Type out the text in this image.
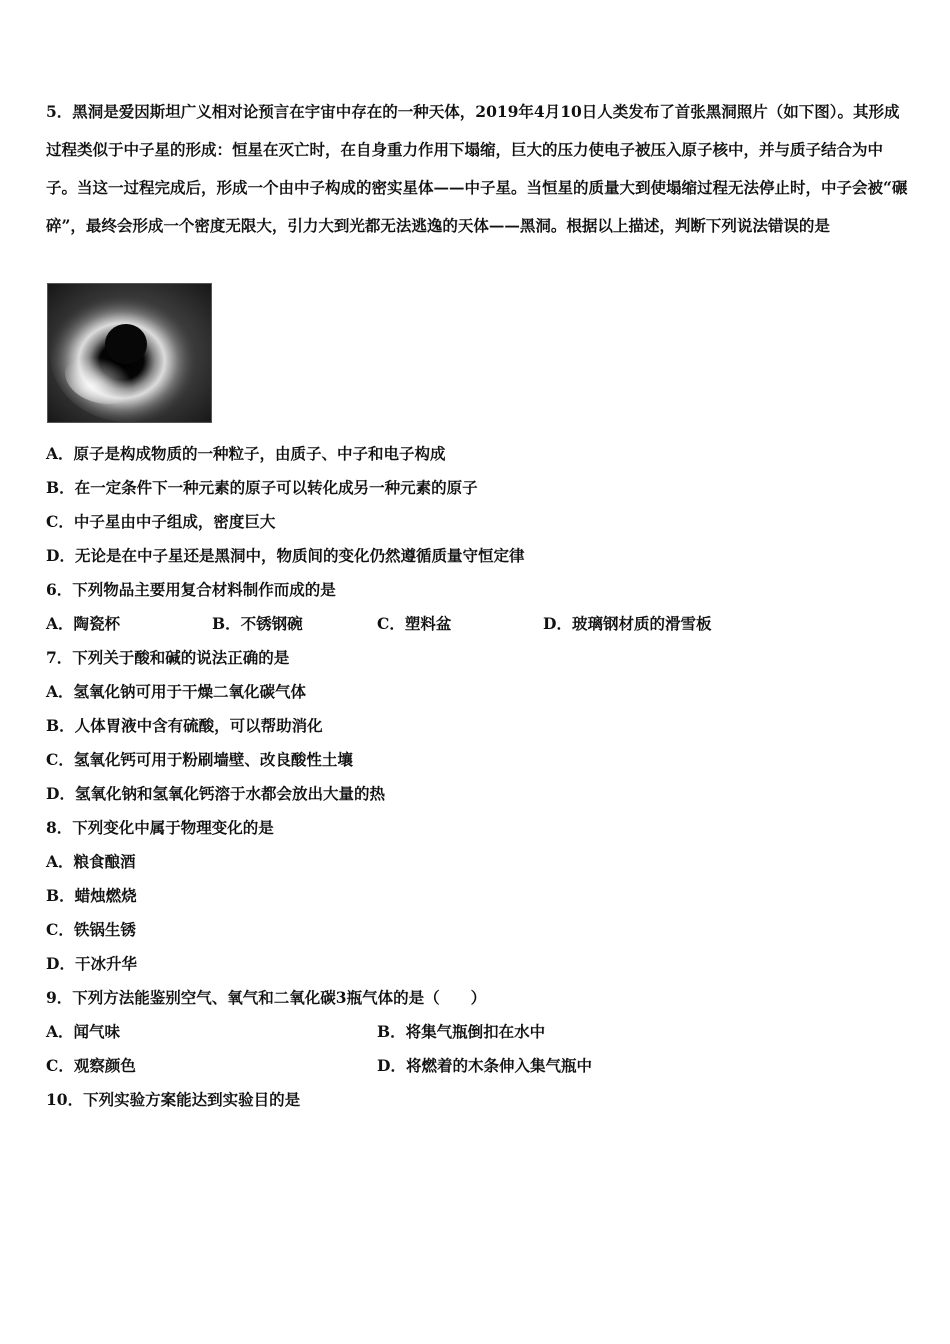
5．黑洞是爱因斯坦广义相对论预言在宇宙中存在的一种天体，2019年4月10日人类发布了首张黑洞照片（如下图）。其形成过程类似于中子星的形成：恒星在灭亡时，在自身重力作用下塌缩，巨大的压力使电子被压入原子核中，并与质子结合为中子。当这一过程完成后，形成一个由中子构成的密实星体——中子星。当恒星的质量大到使塌缩过程无法停止时，中子会被“碾碎”，最终会形成一个密度无限大，引力大到光都无法逃逸的天体——黑洞。根据以上描述，判断下列说法错误的是
A．原子是构成物质的一种粒子，由质子、中子和电子构成
B．在一定条件下一种元素的原子可以转化成另一种元素的原子
C．中子星由中子组成，密度巨大
D．无论是在中子星还是黑洞中，物质间的变化仍然遵循质量守恒定律
6．下列物品主要用复合材料制作而成的是
A．陶瓷杯	B．不锈钢碗	C．塑料盆	D．玻璃钢材质的滑雪板
7．下列关于酸和碱的说法正确的是
A．氢氧化钠可用于干燥二氧化碳气体
B．人体胃液中含有硫酸，可以帮助消化
C．氢氧化钙可用于粉刷墙壁、改良酸性土壤
D．氢氧化钠和氢氧化钙溶于水都会放出大量的热
8．下列变化中属于物理变化的是
A．粮食酿酒
B．蜡烛燃烧
C．铁锅生锈
D．干冰升华
9．下列方法能鉴别空气、氧气和二氧化碳3瓶气体的是（　　）
A．闻气味	B．将集气瓶倒扣在水中
C．观察颜色	D．将燃着的木条伸入集气瓶中
10．下列实验方案能达到实验目的是
